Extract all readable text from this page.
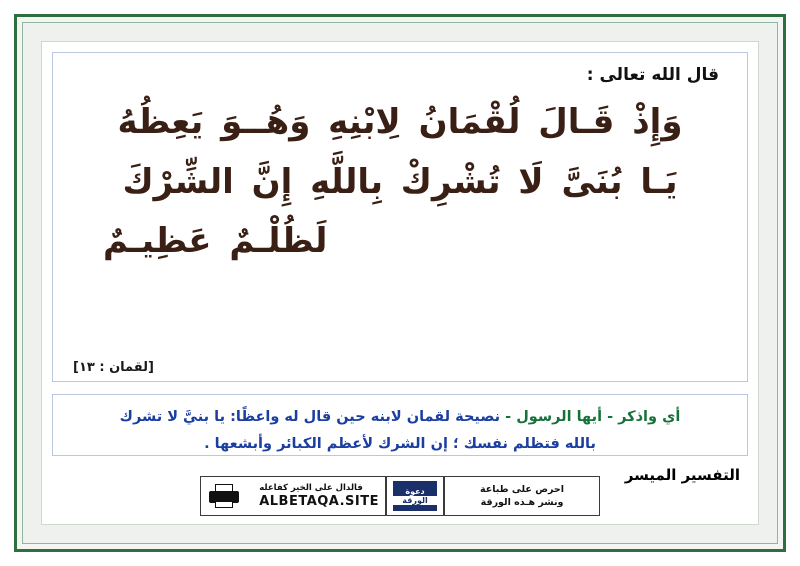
قال الله تعالى :
وَإِذْ قَـالَ لُقْمَانُ لِابْنِهِ وَهُــوَ يَعِظُهُ
يَـا بُنَىَّ لَا تُشْرِكْ بِاللَّهِ إِنَّ الشِّرْكَ
لَظُلْـمٌ عَظِيـمٌ
[لقمان : ١٣]
أي واذكر - أيها الرسول - نصيحة لقمان لابنه حين قال له واعظًا: يا بنيَّ لا تشرك
بالله فتظلم نفسك ؛ إن الشرك لأعظم الكبائر وأبشعها .
التفسير الميسر
فالدال على الخير كفاعله
ALBETAQA.SITE
دعوة
الورقة
احرص على طباعة
ونشر هـذه الورقة
